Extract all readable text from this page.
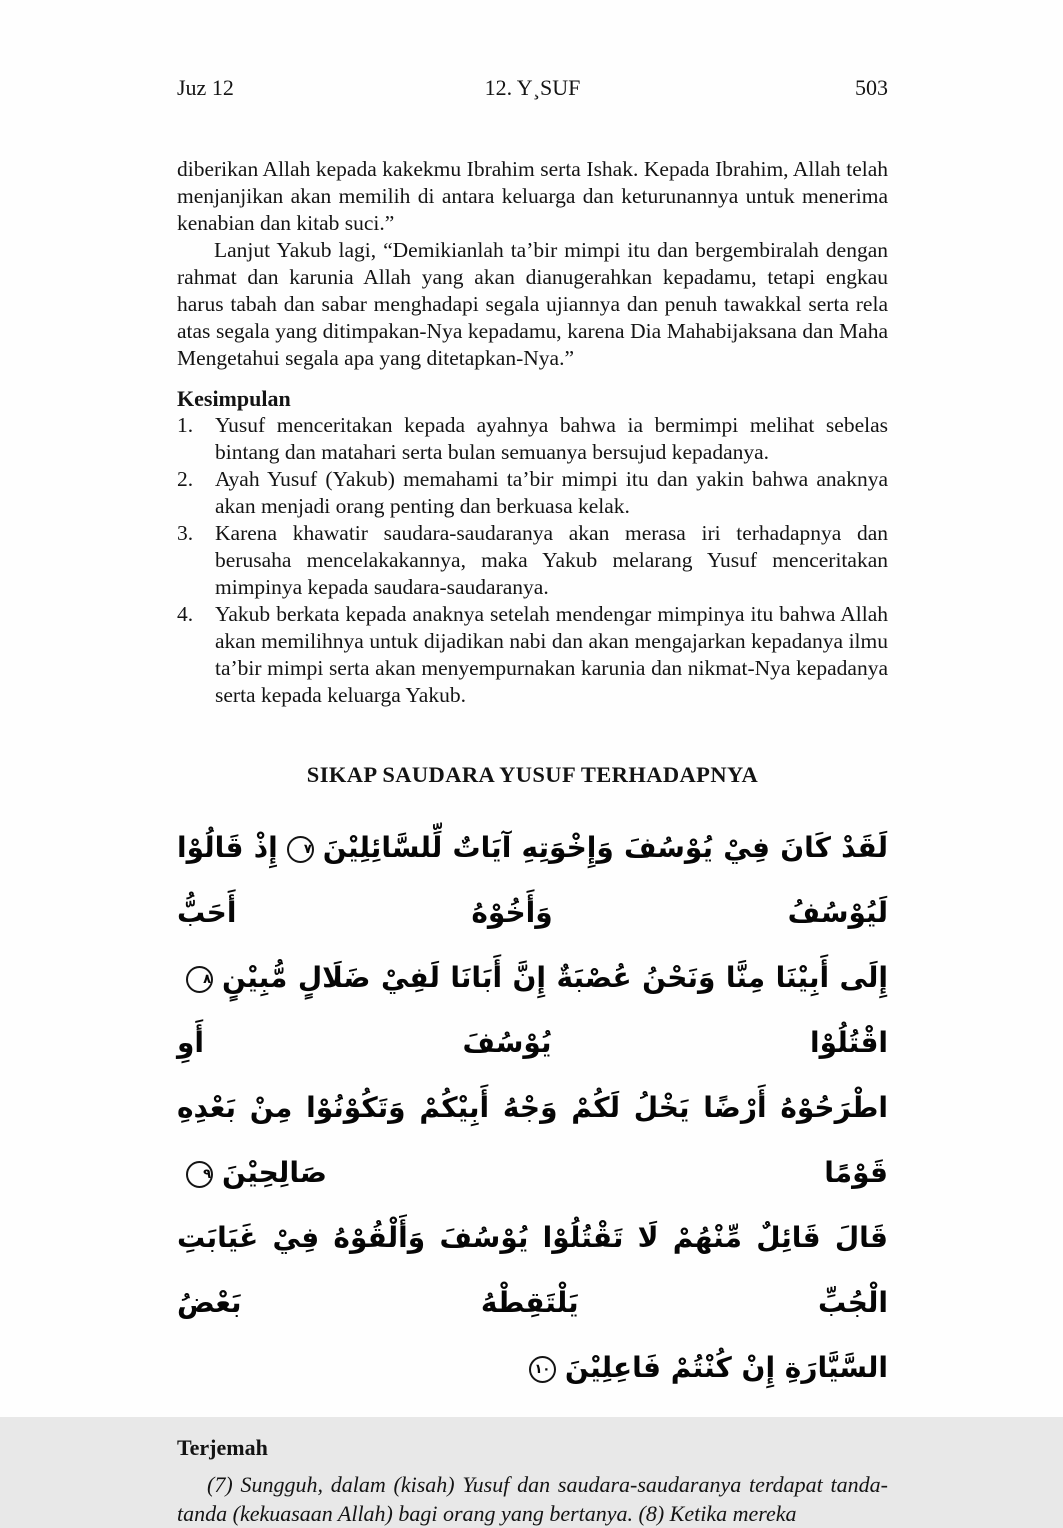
Juz 12	12. Y¸SUF	503

diberikan Allah kepada kakekmu Ibrahim serta Ishak. Kepada Ibrahim, Allah telah menjanjikan akan memilih di antara keluarga dan keturunannya untuk menerima kenabian dan kitab suci.”

Lanjut Yakub lagi, “Demikianlah ta’bir mimpi itu dan bergembiralah dengan rahmat dan karunia Allah yang akan dianugerahkan kepadamu, tetapi engkau harus tabah dan sabar menghadapi segala ujiannya dan penuh tawakkal serta rela atas segala yang ditimpakan-Nya kepadamu, karena Dia Mahabijaksana dan Maha Mengetahui segala apa yang ditetapkan-Nya.”

Kesimpulan
1.	Yusuf menceritakan kepada ayahnya bahwa ia bermimpi melihat sebelas bintang dan matahari serta bulan semuanya bersujud kepadanya.

2.	Ayah Yusuf (Yakub) memahami ta’bir mimpi itu dan yakin bahwa anaknya akan menjadi orang penting dan berkuasa kelak.

3.	Karena khawatir saudara-saudaranya akan merasa iri terhadapnya dan berusaha mencelakakannya, maka Yakub melarang Yusuf menceritakan mimpinya kepada saudara-saudaranya.

4.	Yakub berkata kepada anaknya setelah mendengar mimpinya itu bahwa Allah akan memilihnya untuk dijadikan nabi dan akan mengajarkan kepadanya ilmu ta’bir mimpi serta akan menyempurnakan karunia dan nikmat-Nya kepadanya serta kepada keluarga Yakub.

SIKAP SAUDARA YUSUF TERHADAPNYA
لَقَدْ كَانَ فِيْ يُوْسُفَ وَإِخْوَتِهِ آيَاتٌ لِّلسَّائِلِيْنَ٧إِذْ قَالُوْا لَيُوْسُفُ وَأَخُوْهُ أَحَبُّ
إِلَى أَبِيْنَا مِنَّا وَنَحْنُ عُصْبَةٌ إِنَّ أَبَانَا لَفِيْ ضَلَالٍ مُّبِيْنٍ٨اقْتُلُوْا يُوْسُفَ أَوِ
اطْرَحُوْهُ أَرْضًا يَخْلُ لَكُمْ وَجْهُ أَبِيْكُمْ وَتَكُوْنُوْا مِنْ بَعْدِهِ قَوْمًا صَالِحِيْنَ٩
قَالَ قَائِلٌ مِّنْهُمْ لَا تَقْتُلُوْا يُوْسُفَ وَأَلْقُوْهُ فِيْ غَيَابَتِ الْجُبِّ يَلْتَقِطْهُ بَعْضُ
السَّيَّارَةِ إِنْ كُنْتُمْ فَاعِلِيْنَ١٠
Terjemah

(7) Sungguh, dalam (kisah) Yusuf dan saudara-saudaranya terdapat tanda-tanda (kekuasaan Allah) bagi orang yang bertanya. (8) Ketika mereka
